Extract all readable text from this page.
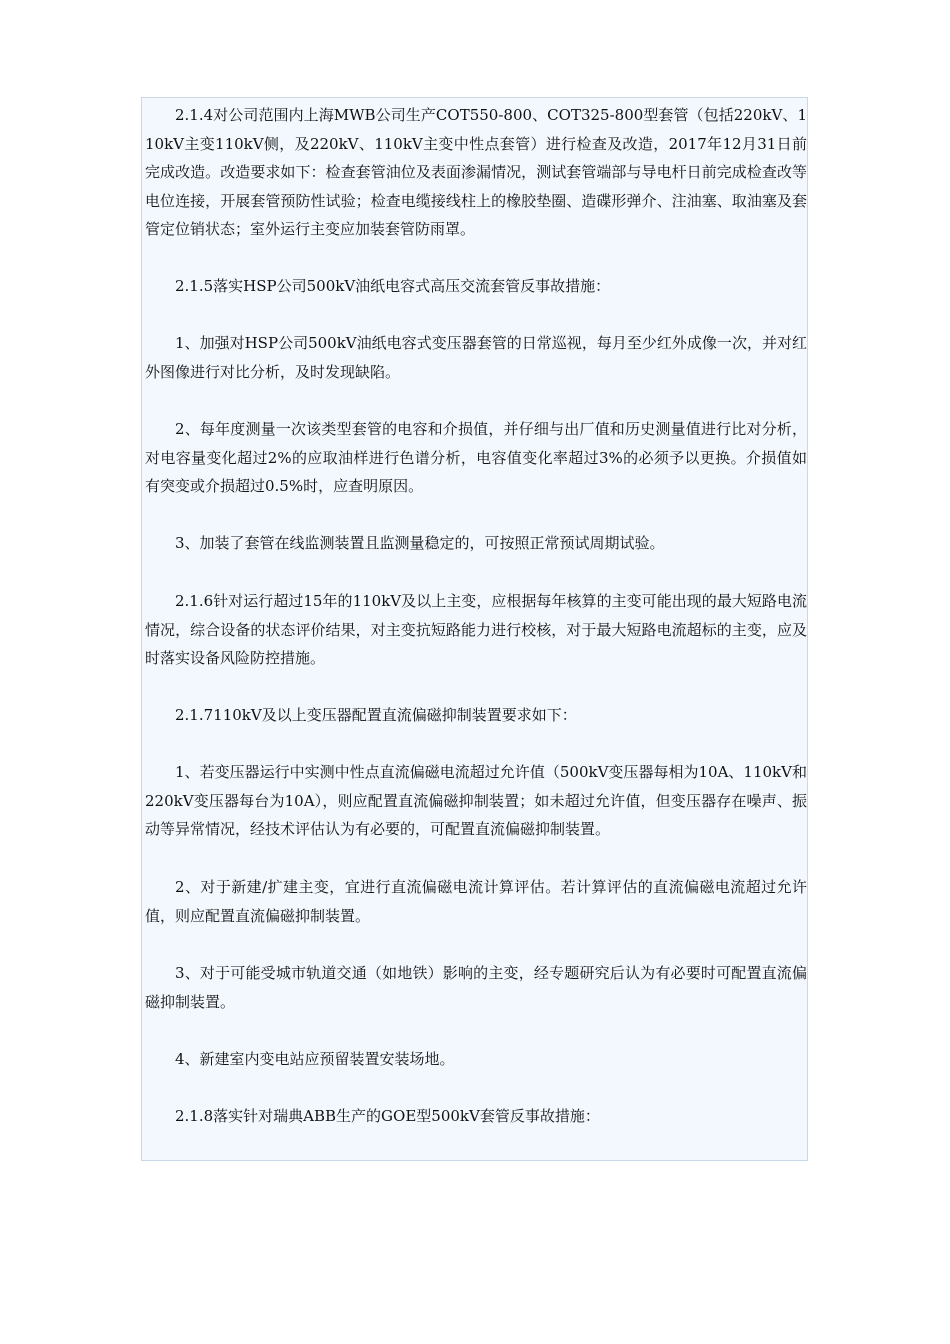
2.1.4对公司范围内上海MWB公司生产COT550-800、COT325-800型套管（包括220kV、110kV主变110kV侧，及220kV、110kV主变中性点套管）进行检查及改造，2017年12月31日前完成改造。改造要求如下：检查套管油位及表面渗漏情况，测试套管端部与导电杆日前完成检查改等电位连接，开展套管预防性试验；检查电缆接线柱上的橡胶垫圈、造碟形弹介、注油塞、取油塞及套管定位销状态；室外运行主变应加装套管防雨罩。

2.1.5落实HSP公司500kV油纸电容式高压交流套管反事故措施：

1、加强对HSP公司500kV油纸电容式变压器套管的日常巡视，每月至少红外成像一次，并对红外图像进行对比分析，及时发现缺陷。

2、每年度测量一次该类型套管的电容和介损值，并仔细与出厂值和历史测量值进行比对分析，对电容量变化超过2%的应取油样进行色谱分析，电容值变化率超过3%的必须予以更换。介损值如有突变或介损超过0.5%时，应查明原因。

3、加装了套管在线监测装置且监测量稳定的，可按照正常预试周期试验。

2.1.6针对运行超过15年的110kV及以上主变，应根据每年核算的主变可能出现的最大短路电流情况，综合设备的状态评价结果，对主变抗短路能力进行校核，对于最大短路电流超标的主变，应及时落实设备风险防控措施。

2.1.7110kV及以上变压器配置直流偏磁抑制装置要求如下：

1、若变压器运行中实测中性点直流偏磁电流超过允许值（500kV变压器每相为10A、110kV和220kV变压器每台为10A），则应配置直流偏磁抑制装置；如未超过允许值，但变压器存在噪声、振动等异常情况，经技术评估认为有必要的，可配置直流偏磁抑制装置。

2、对于新建/扩建主变，宜进行直流偏磁电流计算评估。若计算评估的直流偏磁电流超过允许值，则应配置直流偏磁抑制装置。

3、对于可能受城市轨道交通（如地铁）影响的主变，经专题研究后认为有必要时可配置直流偏磁抑制装置。

4、新建室内变电站应预留装置安装场地。

2.1.8落实针对瑞典ABB生产的GOE型500kV套管反事故措施：
